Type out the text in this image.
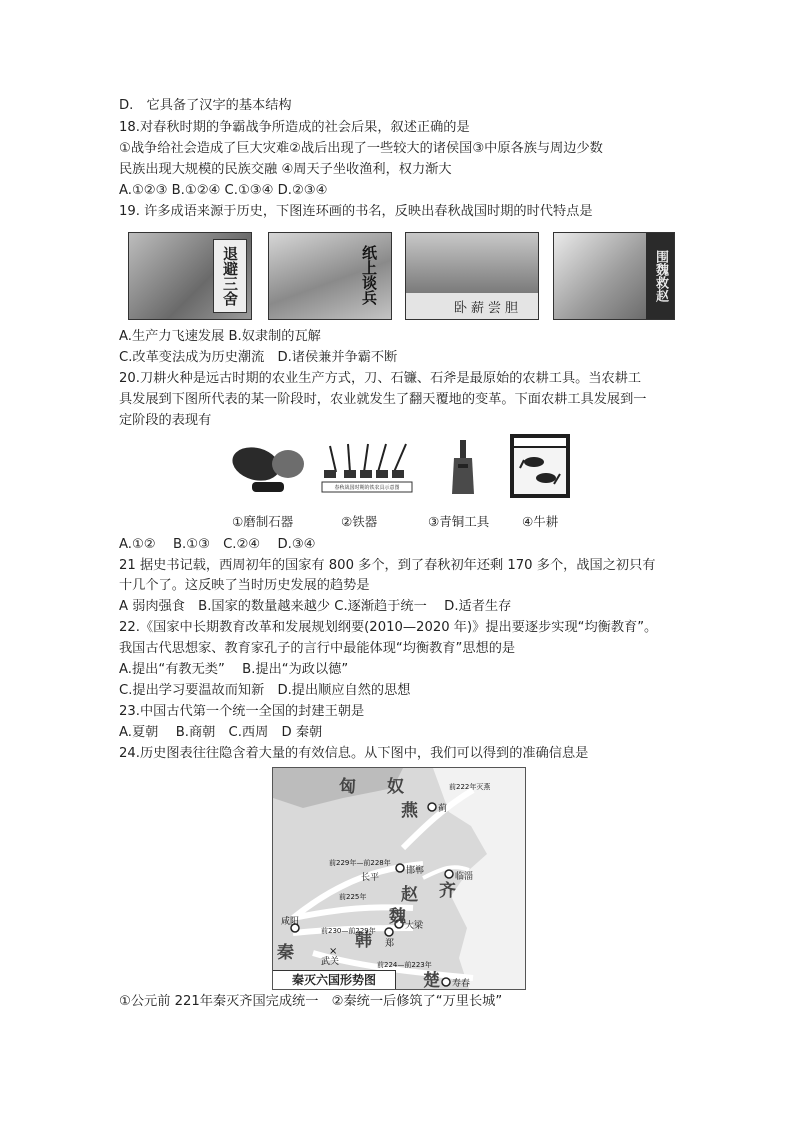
D.　它具备了汉字的基本结构
18.对春秋时期的争霸战争所造成的社会后果，叙述正确的是
①战争给社会造成了巨大灾难②战后出现了一些较大的诸侯国③中原各族与周边少数
民族出现大规模的民族交融 ④周天子坐收渔利，权力渐大
A.①②③ B.①②④ C.①③④ D.②③④
19. 许多成语来源于历史，下图连环画的书名，反映出春秋战国时期的时代特点是
退避三舍	纸上谈兵
卧薪尝胆
围魏救赵
A.生产力飞速发展 B.奴隶制的瓦解
C.改革变法成为历史潮流　D.诸侯兼并争霸不断
20.刀耕火种是远古时期的农业生产方式，刀、石镰、石斧是最原始的农耕工具。当农耕工
具发展到下图所代表的某一阶段时，农业就发生了翻天覆地的变革。下面农耕工具发展到一
定阶段的表现有
春秋战国时期的铁农具示意图
①磨制石器	②铁器	③青铜工具	④牛耕
A.①②　 B.①③　C.②④　 D.③④
21 据史书记载，西周初年的国家有 800 多个，到了春秋初年还剩 170 多个，战国之初只有
十几个了。这反映了当时历史发展的趋势是
A 弱肉强食　B.国家的数量越来越少 C.逐渐趋于统一　 D.适者生存
22.《国家中长期教育改革和发展规划纲要(2010—2020 年)》提出要逐步实现“均衡教育”。
我国古代思想家、教育家孔子的言行中最能体现“均衡教育”思想的是
A.提出“有教无类”　 B.提出“为政以德”
C.提出学习要温故而知新　D.提出顺应自然的思想
23.中国古代第一个统一全国的封建王朝是
A.夏朝　 B.商朝　C.西周　D 秦朝
24.历史图表往往隐含着大量的有效信息。从下图中，我们可以得到的准确信息是
×
匈 奴
燕
赵 齐
魏
韩
秦
楚
蓟
邯郸
长平	临淄
咸阳	大梁
郑
武关
寿春
前222年灭燕
前229年—前228年
前225年
前230—前229年
前224—前223年
秦灭六国形势图
①公元前 221年秦灭齐国完成统一　②秦统一后修筑了“万里长城”
